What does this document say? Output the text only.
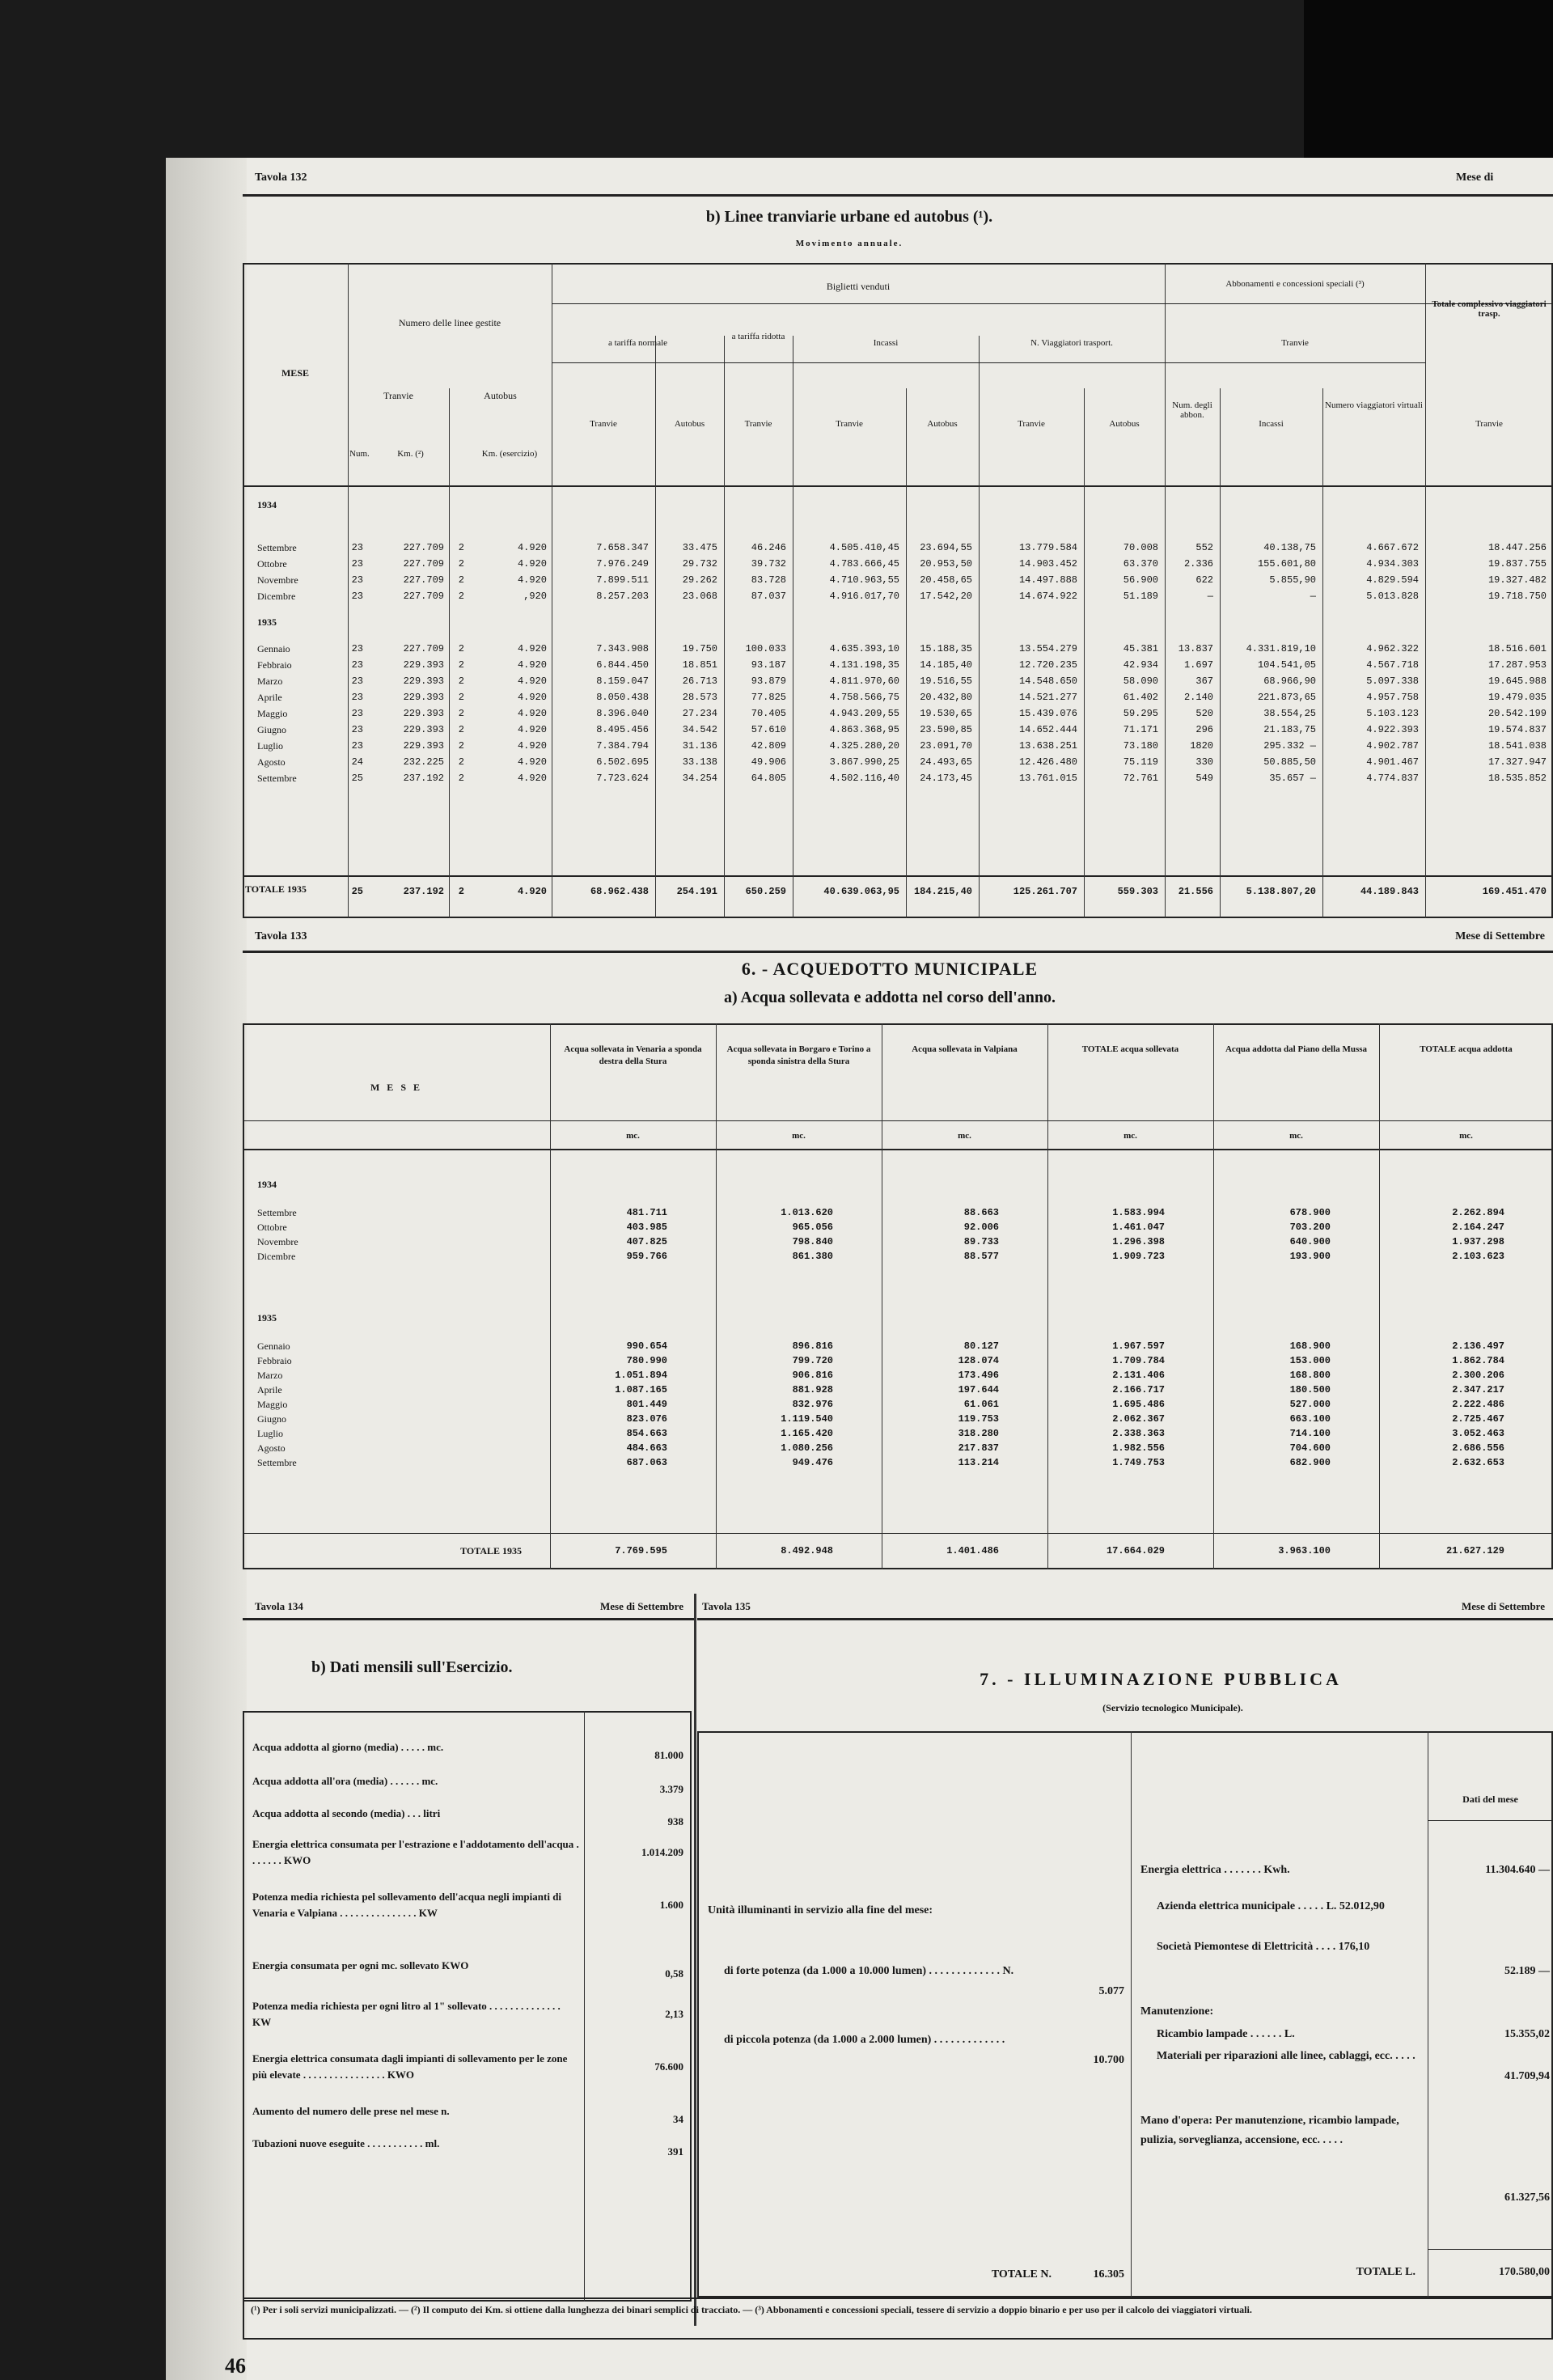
Tavola 132	Mese di
b) Linee tranviarie urbane ed autobus (¹).
Movimento annuale.
MESE
Numero delle linee gestite
Tranvie	Autobus
Num.	Km. (²)	Km. (esercizio)
Biglietti venduti
a tariffa normale
a tariffa ridotta
Incassi	N. Viaggiatori trasport.
Abbonamenti e concessioni speciali (³)
Tranvie
Totale complessivo viaggiatori trasp.
Tranvie	Autobus	Tranvie	Tranvie	Autobus	Tranvie	Autobus
Num. degli abbon.
Incassi
Numero viaggiatori virtuali
Tranvie
1934
1935
Settembre	23	227.709	2	4.920	7.658.347	33.475	46.246	4.505.410,45	23.694,55	13.779.584	70.008	552	40.138,75	4.667.672	18.447.256
Ottobre	23	227.709	2	4.920	7.976.249	29.732	39.732	4.783.666,45	20.953,50	14.903.452	63.370	2.336	155.601,80	4.934.303	19.837.755
Novembre	23	227.709	2	4.920	7.899.511	29.262	83.728	4.710.963,55	20.458,65	14.497.888	56.900	622	5.855,90	4.829.594	19.327.482
Dicembre	23	227.709	2	,920	8.257.203	23.068	87.037	4.916.017,70	17.542,20	14.674.922	51.189	—	—	5.013.828	19.718.750
Gennaio	23	227.709	2	4.920	7.343.908	19.750	100.033	4.635.393,10	15.188,35	13.554.279	45.381	13.837	4.331.819,10	4.962.322	18.516.601
Febbraio	23	229.393	2	4.920	6.844.450	18.851	93.187	4.131.198,35	14.185,40	12.720.235	42.934	1.697	104.541,05	4.567.718	17.287.953
Marzo	23	229.393	2	4.920	8.159.047	26.713	93.879	4.811.970,60	19.516,55	14.548.650	58.090	367	68.966,90	5.097.338	19.645.988
Aprile	23	229.393	2	4.920	8.050.438	28.573	77.825	4.758.566,75	20.432,80	14.521.277	61.402	2.140	221.873,65	4.957.758	19.479.035
Maggio	23	229.393	2	4.920	8.396.040	27.234	70.405	4.943.209,55	19.530,65	15.439.076	59.295	520	38.554,25	5.103.123	20.542.199
Giugno	23	229.393	2	4.920	8.495.456	34.542	57.610	4.863.368,95	23.590,85	14.652.444	71.171	296	21.183,75	4.922.393	19.574.837
Luglio	23	229.393	2	4.920	7.384.794	31.136	42.809	4.325.280,20	23.091,70	13.638.251	73.180	1820	295.332 —	4.902.787	18.541.038
Agosto	24	232.225	2	4.920	6.502.695	33.138	49.906	3.867.990,25	24.493,65	12.426.480	75.119	330	50.885,50	4.901.467	17.327.947
Settembre	25	237.192	2	4.920	7.723.624	34.254	64.805	4.502.116,40	24.173,45	13.761.015	72.761	549	35.657 —	4.774.837	18.535.852
TOTALE 1935	25	237.192	2	4.920	68.962.438	254.191	650.259	40.639.063,95	184.215,40	125.261.707	559.303	21.556	5.138.807,20	44.189.843	169.451.470
Tavola 133	Mese di Settembre
6. - ACQUEDOTTO MUNICIPALE
a) Acqua sollevata e addotta nel corso dell'anno.
M E S E
Acqua sollevata in Venaria a sponda destra della Stura
mc.
Acqua sollevata in Borgaro e Torino a sponda sinistra della Stura
mc.
Acqua sollevata in Valpiana
mc.
TOTALE acqua sollevata
mc.
Acqua addotta dal Piano della Mussa
mc.
TOTALE acqua addotta
mc.
1934
1935
Settembre	481.711	1.013.620	88.663	1.583.994	678.900	2.262.894
Ottobre	403.985	965.056	92.006	1.461.047	703.200	2.164.247
Novembre	407.825	798.840	89.733	1.296.398	640.900	1.937.298
Dicembre	959.766	861.380	88.577	1.909.723	193.900	2.103.623
Gennaio	990.654	896.816	80.127	1.967.597	168.900	2.136.497
Febbraio	780.990	799.720	128.074	1.709.784	153.000	1.862.784
Marzo	1.051.894	906.816	173.496	2.131.406	168.800	2.300.206
Aprile	1.087.165	881.928	197.644	2.166.717	180.500	2.347.217
Maggio	801.449	832.976	61.061	1.695.486	527.000	2.222.486
Giugno	823.076	1.119.540	119.753	2.062.367	663.100	2.725.467
Luglio	854.663	1.165.420	318.280	2.338.363	714.100	3.052.463
Agosto	484.663	1.080.256	217.837	1.982.556	704.600	2.686.556
Settembre	687.063	949.476	113.214	1.749.753	682.900	2.632.653
TOTALE 1935	7.769.595	8.492.948	1.401.486	17.664.029	3.963.100	21.627.129
Tavola 134	Mese di Settembre
b) Dati mensili sull'Esercizio.
Acqua addotta al giorno (media) . . . . . mc.
81.000
Acqua addotta all'ora (media) . . . . . . mc.
3.379
Acqua addotta al secondo (media) . . . litri
938
Energia elettrica consumata per l'estrazione e l'addotamento dell'acqua . . . . . . . KWO
1.014.209
Potenza media richiesta pel sollevamento dell'acqua negli impianti di Venaria e Valpiana . . . . . . . . . . . . . . . KW
1.600
Energia consumata per ogni mc. sollevato KWO
0,58
Potenza media richiesta per ogni litro al 1" sollevato . . . . . . . . . . . . . . KW
2,13
Energia elettrica consumata dagli impianti di sollevamento per le zone più elevate . . . . . . . . . . . . . . . . KWO
76.600
Aumento del numero delle prese nel mese n.
34
Tubazioni nuove eseguite . . . . . . . . . . . ml.
391
Tavola 135	Mese di Settembre
7. - ILLUMINAZIONE PUBBLICA
(Servizio tecnologico Municipale).
Dati del mese
Unità illuminanti in servizio alla fine del mese:
di forte potenza (da 1.000 a 10.000 lumen) . . . . . . . . . . . . . N.
5.077
di piccola potenza (da 1.000 a 2.000 lumen) . . . . . . . . . . . . .
10.700
TOTALE N.	16.305
Energia elettrica . . . . . . . Kwh.	11.304.640 —
Azienda elettrica municipale . . . . . L. 52.012,90
Società Piemontese di Elettricità . . . . 176,10
52.189 —
Manutenzione:
Ricambio lampade . . . . . . L.	15.355,02
Materiali per riparazioni alle linee, cablaggi, ecc. . . . .
41.709,94
Mano d'opera: Per manutenzione, ricambio lampade, pulizia, sorveglianza, accensione, ecc. . . . .
61.327,56
TOTALE L.	170.580,00
(¹) Per i soli servizi municipalizzati. — (²) Il computo dei Km. si ottiene dalla lunghezza dei binari semplici di tracciato. — (³) Abbonamenti e concessioni speciali, tessere di servizio a doppio binario e per uso per il calcolo dei viaggiatori virtuali.
46
